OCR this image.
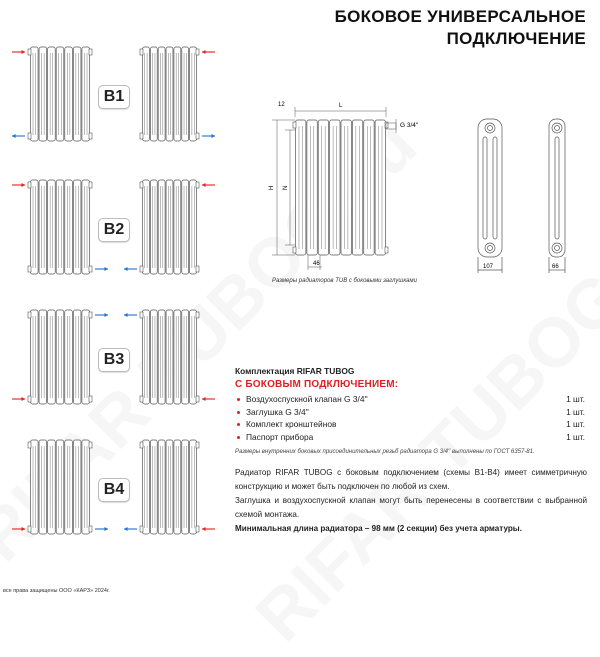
БОКОВОЕ УНИВЕРСАЛЬНОЕ
ПОДКЛЮЧЕНИЕ
B1
B2
B3
B4
12	L
G 3/4''
H N
46	107	66
Размеры радиаторов TUB с боковыми заглушками
Комплектация RIFAR TUBOG
С БОКОВЫМ ПОДКЛЮЧЕНИЕМ:
Воздухоспускной клапан G 3/4''	1 шт.
Заглушка G 3/4''	1 шт.
Комплект кронштейнов	1 шт.
Паспорт прибора	1 шт.
Размеры внутренних боковых присоединительных резьб радиатора G 3/4'' выполнены по ГОСТ 6357-81.
Радиатор RIFAR TUBOG с боковым подключением (схемы B1-B4) имеет симметричную конструкцию и может быть подключен по любой из схем.
Заглушка и воздухоспускной клапан могут быть перенесены в соответствии с выбранной схемой монтажа.
Минимальная длина радиатора – 98 мм (2 секции) без учета арматуры.
все права защищены ООО «КАРЗ» 2024г.
